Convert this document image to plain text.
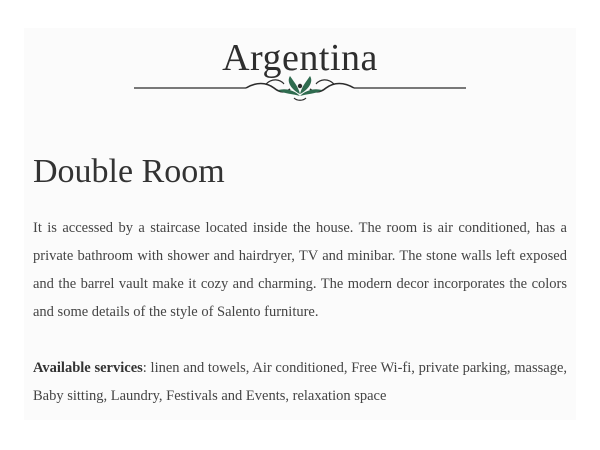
Argentina
Double Room

It is accessed by a staircase located inside the house. The room is air conditioned, has a private bathroom with shower and hairdryer, TV and minibar. The stone walls left exposed and the barrel vault make it cozy and charming. The modern decor incorporates the colors and some details of the style of Salento furniture.

Available services: linen and towels, Air conditioned, Free Wi-fi, private parking, massage, Baby sitting, Laundry, Festivals and Events, relaxation space
